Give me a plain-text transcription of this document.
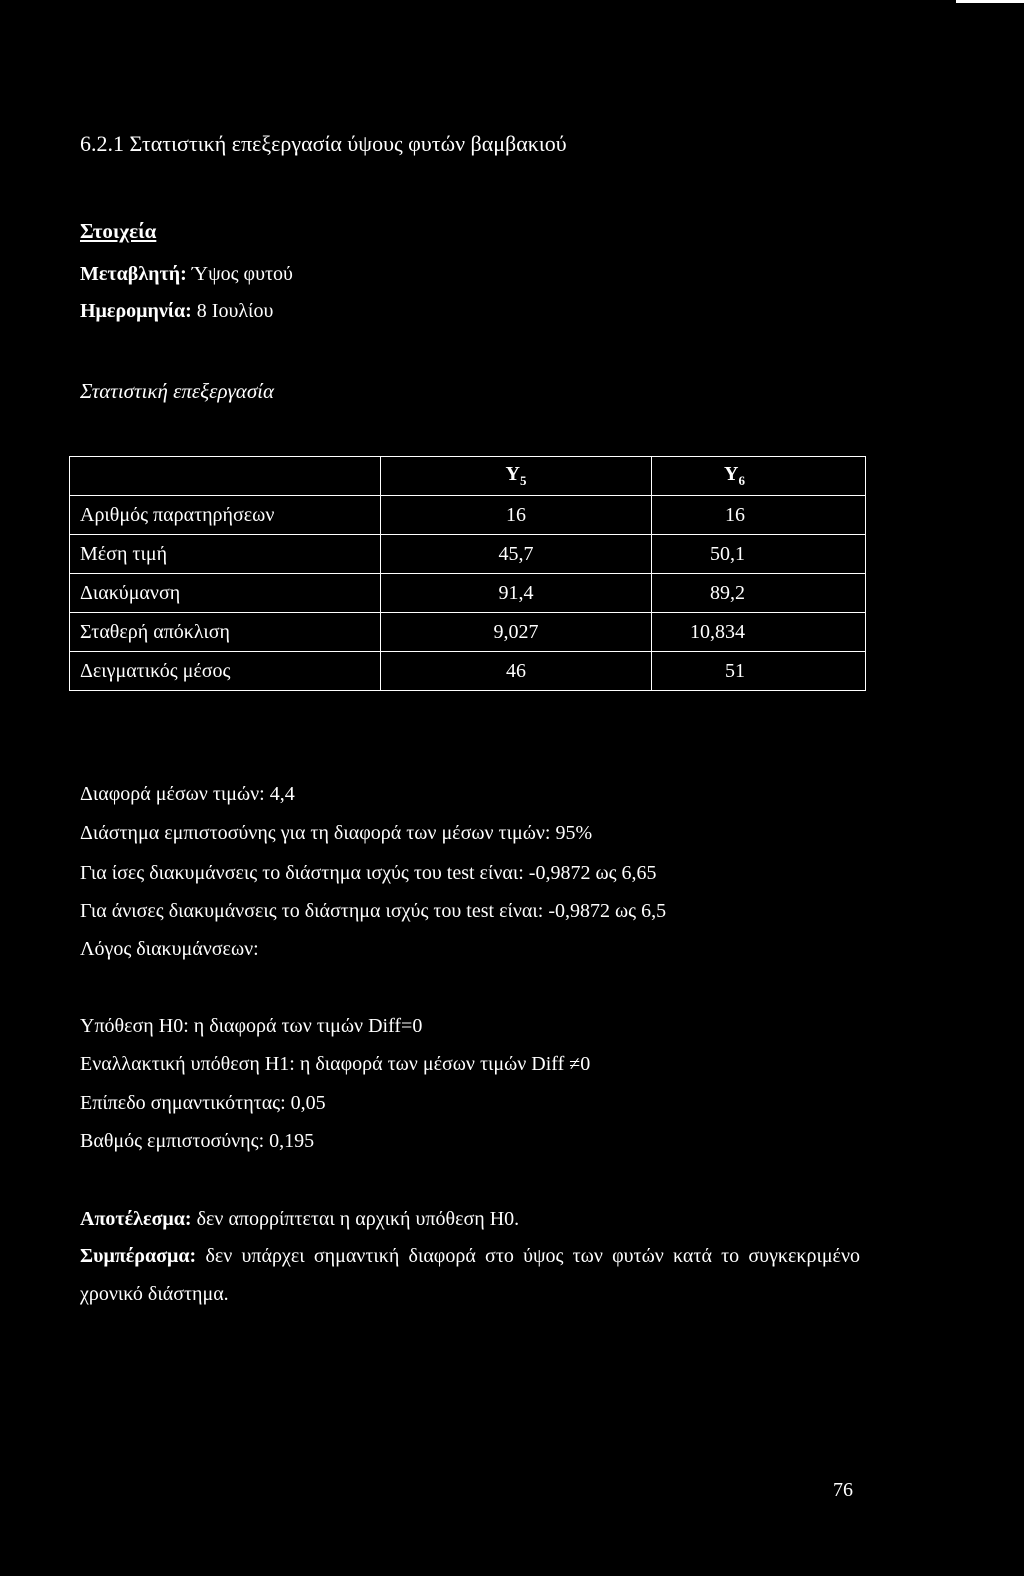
6.2.1 Στατιστική επεξεργασία ύψους φυτών βαμβακιού
Στοιχεία
Μεταβλητή: Ύψος φυτού
Ημερομηνία: 8 Ιουλίου
Στατιστική επεξεργασία
	$Y_5$	$Y_6$
Αριθμός παρατηρήσεων	16	16
Μέση τιμή	45,7	50,1
Διακύμανση	91,4	89,2
Σταθερή απόκλιση	9,027	10,834
Δειγματικός μέσος	46	51
Διαφορά μέσων τιμών: 4,4
Διάστημα εμπιστοσύνης για τη διαφορά των μέσων τιμών: 95%
Για ίσες διακυμάνσεις το διάστημα ισχύς του test είναι: -0,9872 ως 6,65
Για άνισες διακυμάνσεις το διάστημα ισχύς του test είναι: -0,9872 ως 6,5
Λόγος διακυμάνσεων:
Υπόθεση H0: η διαφορά των τιμών Diff=0
Εναλλακτική υπόθεση H1: η διαφορά των μέσων τιμών Diff ≠0
Επίπεδο σημαντικότητας: 0,05
Βαθμός εμπιστοσύνης: 0,195
Αποτέλεσμα: δεν απορρίπτεται η αρχική υπόθεση H0.
Συμπέρασμα: δεν υπάρχει σημαντική διαφορά στο ύψος των φυτών κατά το συγκεκριμένο χρονικό διάστημα.
76
